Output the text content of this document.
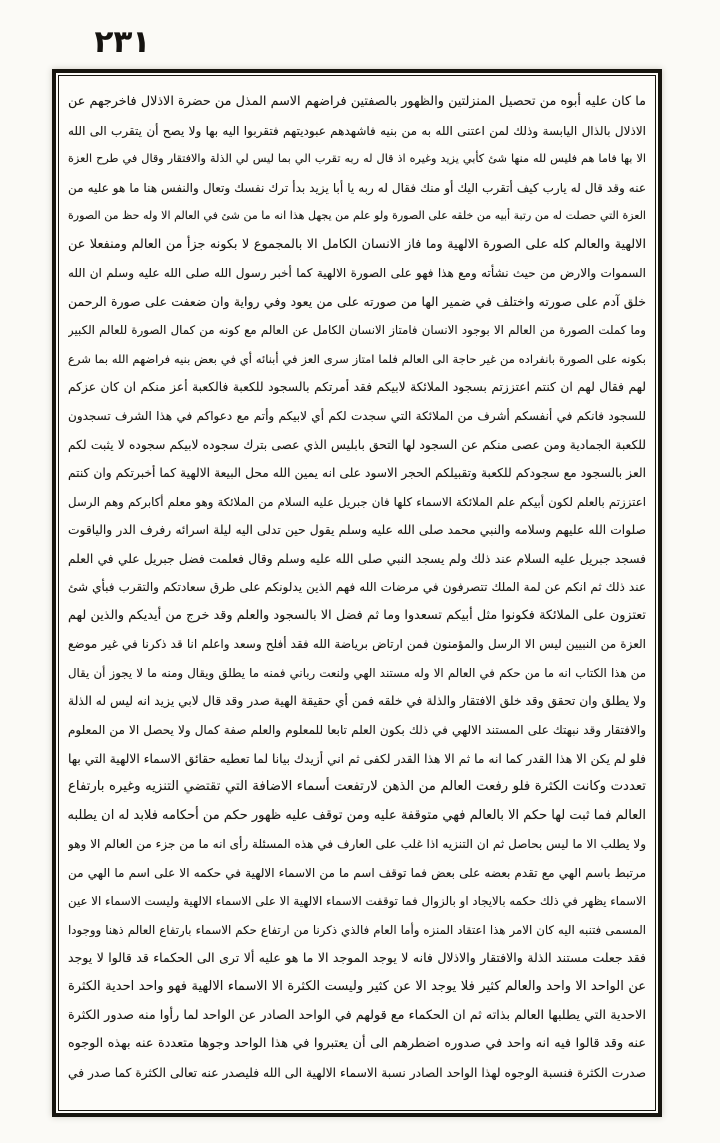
٢٣١
ما كان عليه أبوه من تحصيل المنزلتين والظهور بالصفتين فراضهم الاسم المذل من حضرة الاذلال فاخرجهم عن
الاذلال بالذال اليابسة وذلك لمن اعتنى الله به من بنيه فاشهدهم عبوديتهم فتقربوا اليه بها ولا يصح أن يتقرب الى الله
الا بها فاما هم فليس لله منها شئ كأبي يزيد وغيره اذ قال له ربه تقرب الي بما ليس لي الذلة والافتقار وقال في طرح العزة
عنه وقد قال له يارب كيف أتقرب اليك أو منك فقال له ربه يا أبا يزيد بدأ ترك نفسك وتعال والنفس هنا ما هو عليه من
العزة التي حصلت له من رتبة أبيه من خلقه على الصورة ولو علم من يجهل هذا انه ما من شئ في العالم الا وله حظ من الصورة
الالهية والعالم كله على الصورة الالهية وما فاز الانسان الكامل الا بالمجموع لا بكونه جزأ من العالم ومنفعلا عن
السموات والارض من حيث نشأته ومع هذا فهو على الصورة الالهية كما أخبر رسول الله صلى الله عليه وسلم ان الله
خلق آدم على صورته واختلف في ضمير الها من صورته على من يعود وفي رواية وان ضعفت على صورة الرحمن
وما كملت الصورة من العالم الا بوجود الانسان فامتاز الانسان الكامل عن العالم مع كونه من كمال الصورة للعالم الكبير
بكونه على الصورة بانفراده من غير حاجة الى العالم فلما امتاز سرى العز في أبنائه أي في بعض بنيه فراضهم الله بما شرع
لهم فقال لهم ان كنتم اعتززتم بسجود الملائكة لابيكم فقد أمرتكم بالسجود للكعبة فالكعبة أعز منكم ان كان عزكم
للسجود فانكم في أنفسكم أشرف من الملائكة التي سجدت لكم أي لابيكم وأتم مع دعواكم في هذا الشرف تسجدون
للكعبة الجمادية ومن عصى منكم عن السجود لها التحق بابليس الذي عصى بترك سجوده لابيكم سجوده لا يثبت لكم
العز بالسجود مع سجودكم للكعبة وتقبيلكم الحجر الاسود على انه يمين الله محل البيعة الالهية كما أخبرتكم وان كنتم
اعتززتم بالعلم لكون أبيكم علم الملائكة الاسماء كلها فان جبريل عليه السلام من الملائكة وهو معلم أكابركم وهم الرسل
صلوات الله عليهم وسلامه والنبي محمد صلى الله عليه وسلم يقول حين تدلى اليه ليلة اسرائه رفرف الدر والياقوت
فسجد جبريل عليه السلام عند ذلك ولم يسجد النبي صلى الله عليه وسلم وقال فعلمت فضل جبريل علي في العلم
عند ذلك ثم انكم عن لمة الملك تتصرفون في مرضات الله فهم الذين يدلونكم على طرق سعادتكم والتقرب فبأي شئ
تعتزون على الملائكة فكونوا مثل أبيكم تسعدوا وما ثم فضل الا بالسجود والعلم وقد خرج من أيديكم والذين لهم
العزة من النبيين ليس الا الرسل والمؤمنون فمن ارتاض برياضة الله فقد أفلح وسعد واعلم انا قد ذكرنا في غير موضع
من هذا الكتاب انه ما من حكم في العالم الا وله مستند الهي ولنعت رباني فمنه ما يطلق ويقال ومنه ما لا يجوز أن يقال
ولا يطلق وان تحقق وقد خلق الافتقار والذلة في خلقه فمن أي حقيقة الهية صدر وقد قال لابي يزيد انه ليس له الذلة
والافتقار وقد نبهتك على المستند الالهي في ذلك بكون العلم تابعا للمعلوم والعلم صفة كمال ولا يحصل الا من المعلوم
فلو لم يكن الا هذا القدر كما انه ما ثم الا هذا القدر لكفى ثم اني أزيدك بيانا لما تعطيه حقائق الاسماء الالهية التي بها
تعددت وكانت الكثرة فلو رفعت العالم من الذهن لارتفعت أسماء الاضافة التي تقتضي التنزيه وغيره بارتفاع
العالم فما ثبت لها حكم الا بالعالم فهي متوقفة عليه ومن توقف عليه ظهور حكم من أحكامه فلابد له ان يطلبه
ولا يطلب الا ما ليس بحاصل ثم ان التنزيه اذا غلب على العارف في هذه المسئلة رأى انه ما من جزء من العالم الا وهو
مرتبط باسم الهي مع تقدم بعضه على بعض فما توقف اسم ما من الاسماء الالهية في حكمه الا على اسم ما الهي من
الاسماء يظهر في ذلك حكمه بالايجاد او بالزوال فما توقفت الاسماء الالهية الا على الاسماء الالهية وليست الاسماء الا عين
المسمى فتنبه اليه كان الامر هذا اعتقاد المنزه وأما العام فالذي ذكرنا من ارتفاع حكم الاسماء بارتفاع العالم ذهنا ووجودا
فقد جعلت مستند الذلة والافتقار والاذلال فانه لا يوجد الموجد الا ما هو عليه ألا ترى الى الحكماء قد قالوا لا يوجد
عن الواحد الا واحد والعالم كثير فلا يوجد الا عن كثير وليست الكثرة الا الاسماء الالهية فهو واحد احدية الكثرة
الاحدية التي يطلبها العالم بذاته ثم ان الحكماء مع قولهم في الواحد الصادر عن الواحد لما رأوا منه صدور الكثرة
عنه وقد قالوا فيه انه واحد في صدوره اضطرهم الى أن يعتبروا في هذا الواحد وجوها متعددة عنه بهذه الوجوه
صدرت الكثرة فنسبة الوجوه لهذا الواحد الصادر نسبة الاسماء الالهية الى الله فليصدر عنه تعالى الكثرة كما صدر في
